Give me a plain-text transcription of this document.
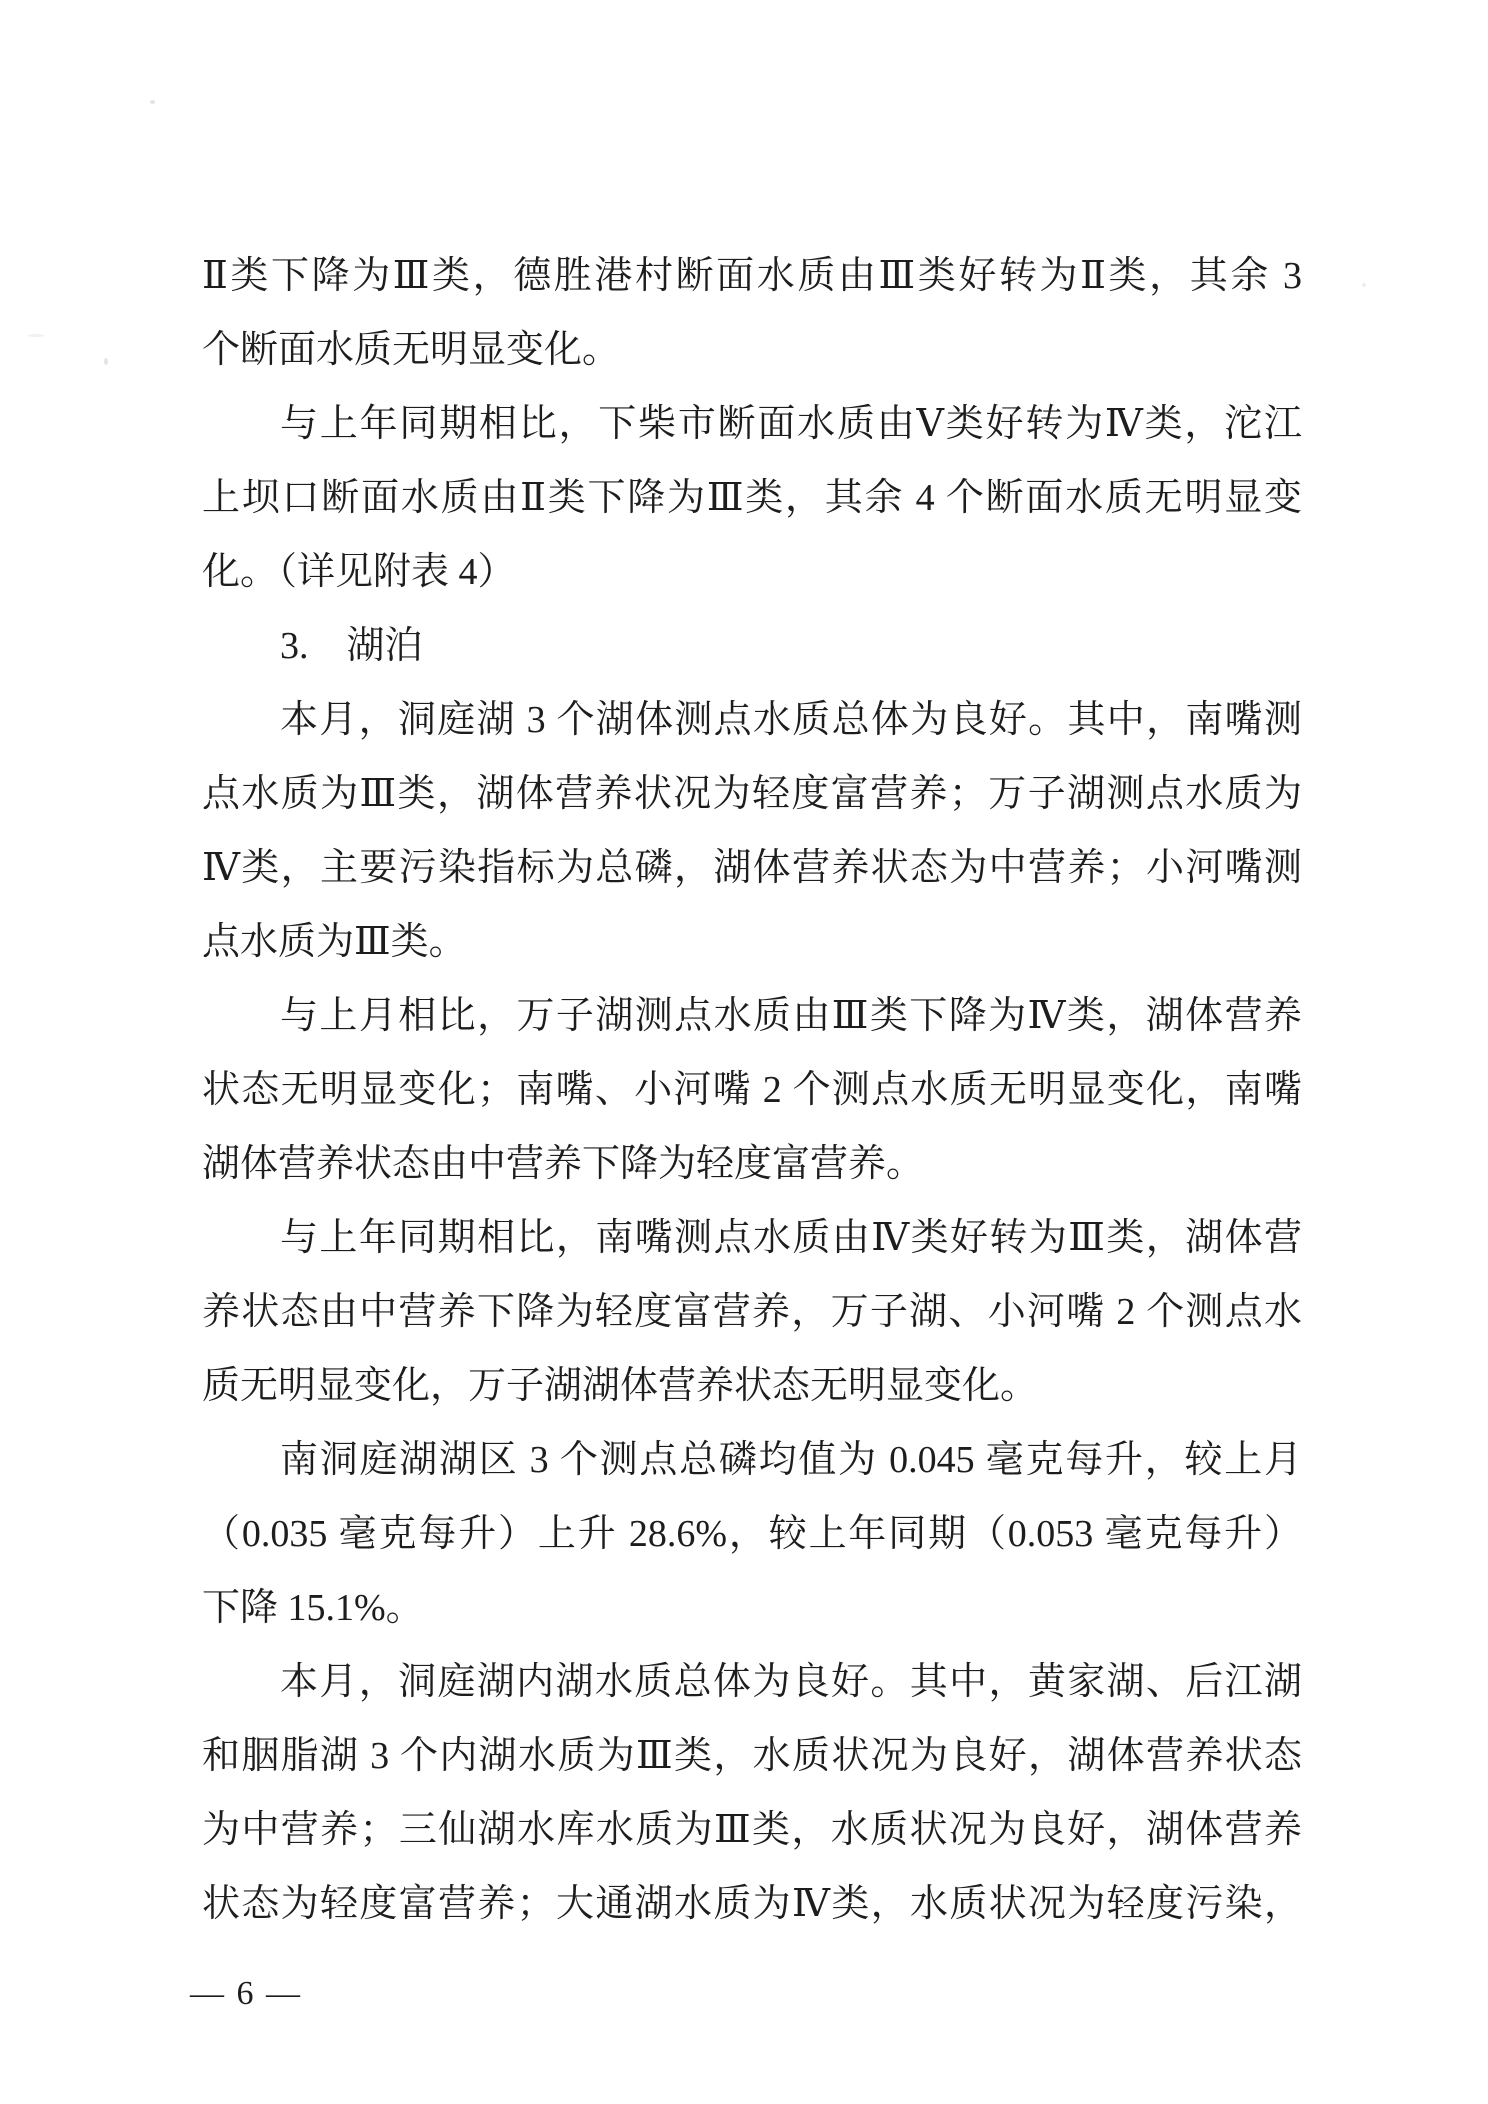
Ⅱ类下降为Ⅲ类，德胜港村断面水质由Ⅲ类好转为Ⅱ类，其余 3
个断面水质无明显变化。
与上年同期相比，下柴市断面水质由Ⅴ类好转为Ⅳ类，沱江
上坝口断面水质由Ⅱ类下降为Ⅲ类，其余 4 个断面水质无明显变
化。（详见附表 4）
3.　湖泊
本月，洞庭湖 3 个湖体测点水质总体为良好。其中，南嘴测
点水质为Ⅲ类，湖体营养状况为轻度富营养；万子湖测点水质为
Ⅳ类，主要污染指标为总磷，湖体营养状态为中营养；小河嘴测
点水质为Ⅲ类。
与上月相比，万子湖测点水质由Ⅲ类下降为Ⅳ类，湖体营养
状态无明显变化；南嘴、小河嘴 2 个测点水质无明显变化，南嘴
湖体营养状态由中营养下降为轻度富营养。
与上年同期相比，南嘴测点水质由Ⅳ类好转为Ⅲ类，湖体营
养状态由中营养下降为轻度富营养，万子湖、小河嘴 2 个测点水
质无明显变化，万子湖湖体营养状态无明显变化。
南洞庭湖湖区 3 个测点总磷均值为 0.045 毫克每升，较上月
（0.035 毫克每升）上升 28.6%，较上年同期（0.053 毫克每升）
下降 15.1%。
本月，洞庭湖内湖水质总体为良好。其中，黄家湖、后江湖
和胭脂湖 3 个内湖水质为Ⅲ类，水质状况为良好，湖体营养状态
为中营养；三仙湖水库水质为Ⅲ类，水质状况为良好，湖体营养
状态为轻度富营养；大通湖水质为Ⅳ类，水质状况为轻度污染，
— 6 —
